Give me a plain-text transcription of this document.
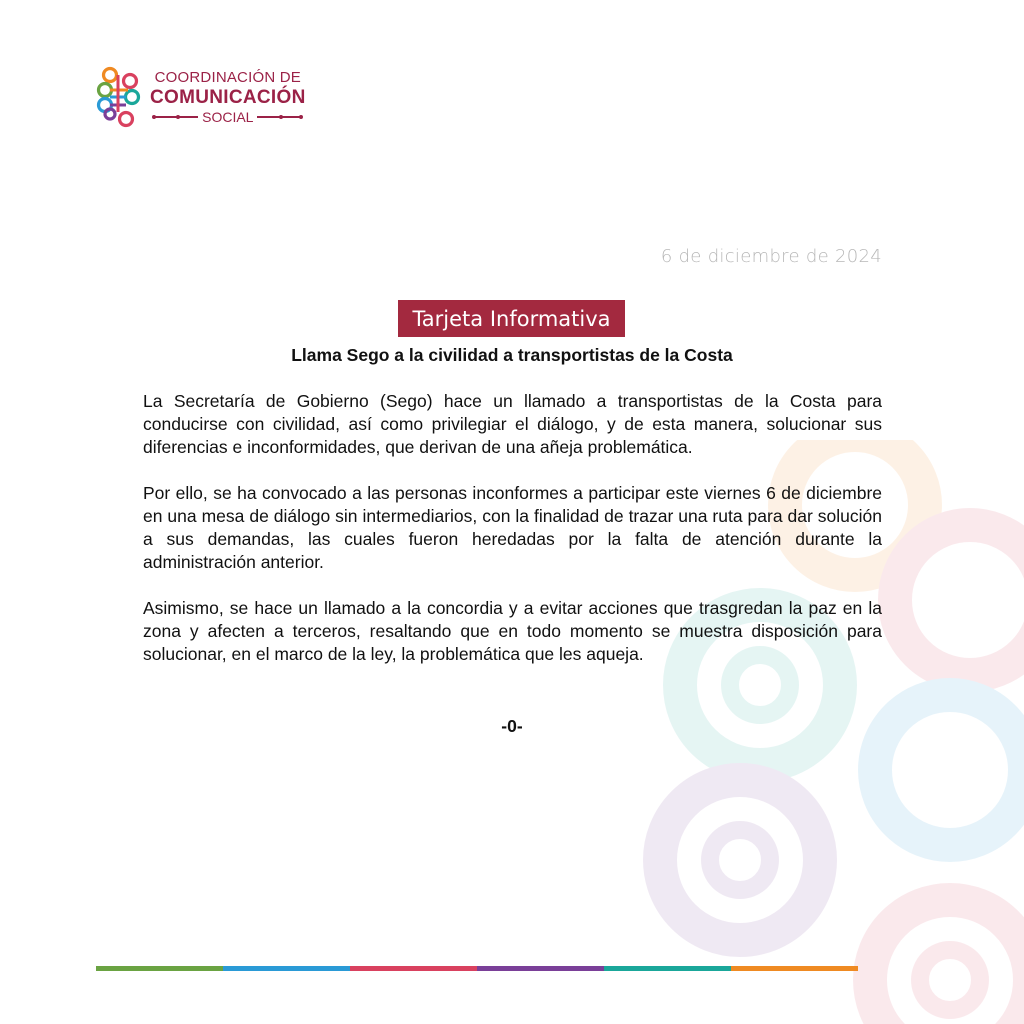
COORDINACIÓN DE
COMUNICACIÓN
SOCIAL
6 de diciembre de 2024
Tarjeta Informativa
Llama Sego a la civilidad a transportistas de la Costa

La Secretaría de Gobierno (Sego) hace un llamado a transportistas de la Costa para conducirse con civilidad, así como privilegiar el diálogo, y de esta manera, solucionar sus diferencias e inconformidades, que derivan de una añeja problemática.

Por ello, se ha convocado a las personas inconformes a participar este viernes 6 de diciembre en una mesa de diálogo sin intermediarios, con la finalidad de trazar una ruta para dar solución a sus demandas, las cuales fueron heredadas por la falta de atención durante la administración anterior.

Asimismo, se hace un llamado a la concordia y a evitar acciones que trasgredan la paz en la zona y afecten a terceros, resaltando que en todo momento se muestra disposición para solucionar, en el marco de la ley, la problemática que les aqueja.

-0-
